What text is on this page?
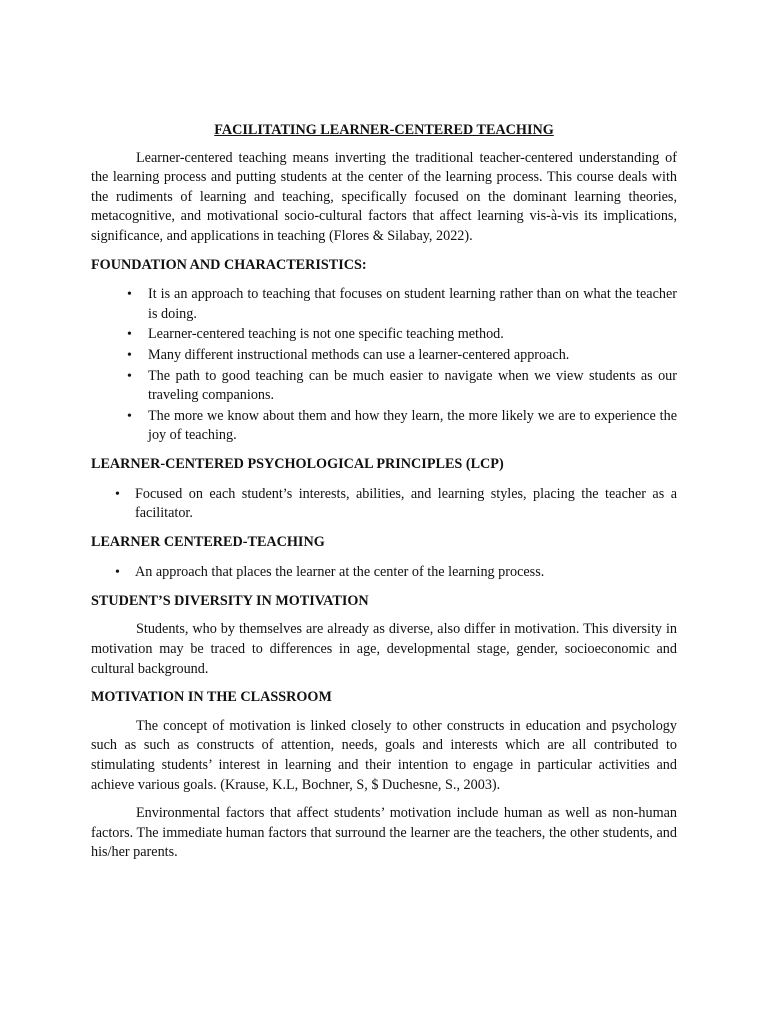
FACILITATING LEARNER-CENTERED TEACHING

Learner-centered teaching means inverting the traditional teacher-centered understanding of the learning process and putting students at the center of the learning process. This course deals with the rudiments of learning and teaching, specifically focused on the dominant learning theories, metacognitive, and motivational socio-cultural factors that affect learning vis-à-vis its implications, significance, and applications in teaching (Flores & Silabay, 2022).

FOUNDATION AND CHARACTERISTICS:

• It is an approach to teaching that focuses on student learning rather than on what the teacher is doing.
• Learner-centered teaching is not one specific teaching method.
• Many different instructional methods can use a learner-centered approach.
• The path to good teaching can be much easier to navigate when we view students as our traveling companions.
• The more we know about them and how they learn, the more likely we are to experience the joy of teaching.

LEARNER-CENTERED PSYCHOLOGICAL PRINCIPLES (LCP)

• Focused on each student’s interests, abilities, and learning styles, placing the teacher as a facilitator.

LEARNER CENTERED-TEACHING

• An approach that places the learner at the center of the learning process.

STUDENT’S DIVERSITY IN MOTIVATION

Students, who by themselves are already as diverse, also differ in motivation. This diversity in motivation may be traced to differences in age, developmental stage, gender, socioeconomic and cultural background.

MOTIVATION IN THE CLASSROOM

The concept of motivation is linked closely to other constructs in education and psychology such as such as constructs of attention, needs, goals and interests which are all contributed to stimulating students’ interest in learning and their intention to engage in particular activities and achieve various goals. (Krause, K.L, Bochner, S, $ Duchesne, S., 2003).

Environmental factors that affect students’ motivation include human as well as non-human factors. The immediate human factors that surround the learner are the teachers, the other students, and his/her parents.
